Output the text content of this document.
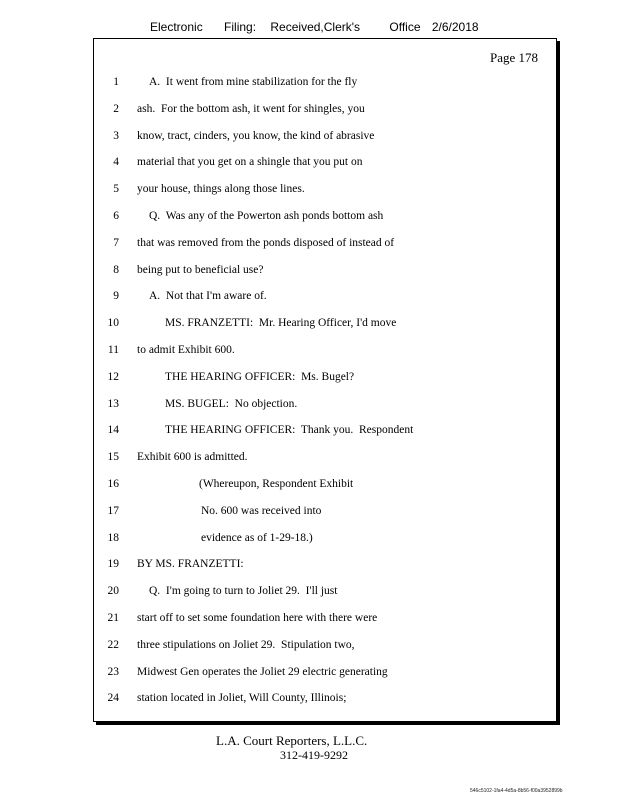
Electronic Filing: Received,Clerk's Office 2/6/2018
Page 178
1	A.  It went from mine stabilization for the fly
2 ash.  For the bottom ash, it went for shingles, you
3 know, tract, cinders, you know, the kind of abrasive
4 material that you get on a shingle that you put on
5 your house, things along those lines.
6	Q.  Was any of the Powerton ash ponds bottom ash
7 that was removed from the ponds disposed of instead of
8 being put to beneficial use?
9	A.  Not that I'm aware of.
10	MS. FRANZETTI:  Mr. Hearing Officer, I'd move
11 to admit Exhibit 600.
12	THE HEARING OFFICER:  Ms. Bugel?
13	MS. BUGEL:  No objection.
14	THE HEARING OFFICER:  Thank you.  Respondent
15 Exhibit 600 is admitted.
16	(Whereupon, Respondent Exhibit
17	No. 600 was received into
18	evidence as of 1-29-18.)
19 BY MS. FRANZETTI:
20	Q.  I'm going to turn to Joliet 29.  I'll just
21 start off to set some foundation here with there were
22 three stipulations on Joliet 29.  Stipulation two,
23 Midwest Gen operates the Joliet 29 electric generating
24 station located in Joliet, Will County, Illinois;
L.A. Court Reporters, L.L.C.
312-419-9292
546c5102-1fa4-4d5a-8b56-f00a3952899b
